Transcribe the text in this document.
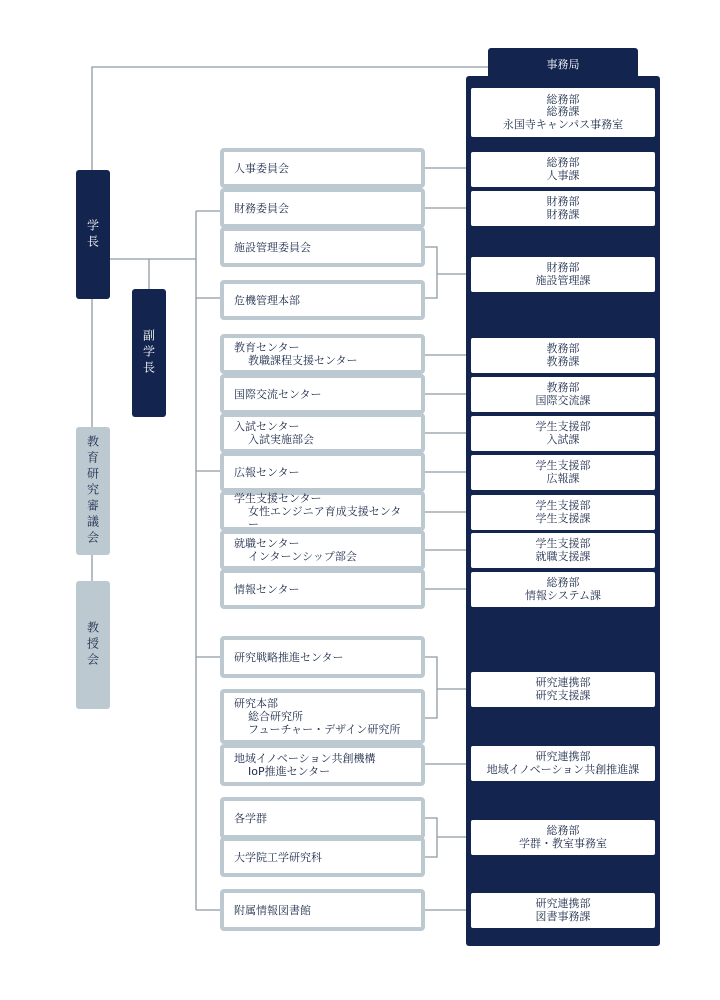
学長
副学長
教育研究審議会
教授会
人事委員会
財務委員会
施設管理委員会
危機管理本部
教育センター
教職課程支援センター
国際交流センター
入試センター
入試実施部会
広報センター
学生支援センター
女性エンジニア育成支援センター
就職センター
インターンシップ部会
情報センター
研究戦略推進センター
研究本部
総合研究所
フューチャー・デザイン研究所
地域イノベーション共創機構
IoP推進センター
各学群
大学院工学研究科
附属情報図書館
事務局
総務部
総務課
永国寺キャンパス事務室
総務部
人事課
財務部
財務課
財務部
施設管理課
教務部
教務課
教務部
国際交流課
学生支援部
入試課
学生支援部
広報課
学生支援部
学生支援課
学生支援部
就職支援課
総務部
情報システム課
研究連携部
研究支援課
研究連携部
地域イノベーション共創推進課
総務部
学群・教室事務室
研究連携部
図書事務課
